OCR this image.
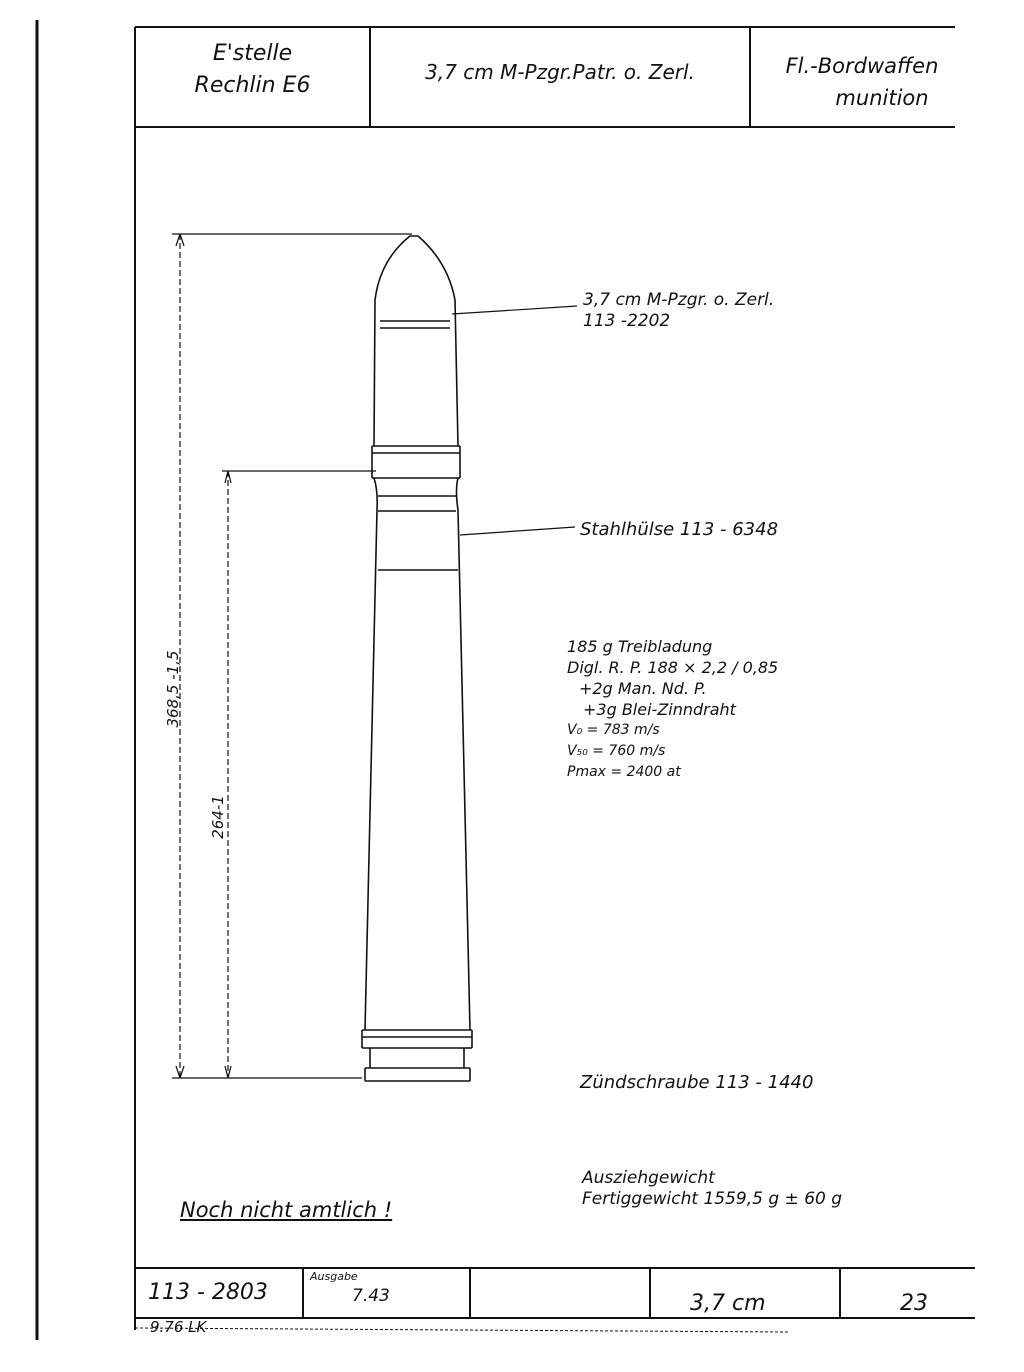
E'stelle
Rechlin E6
3,7 cm M-Pzgr.Patr. o. Zerl.	Fl.-Bordwaffen
munition
368,5 -1,5
264-1
3,7 cm M-Pzgr. o. Zerl.
113 -2202
Stahlhülse 113 - 6348
185 g Treibladung
Digl. R. P. 188 × 2,2 / 0,85
+2g Man. Nd. P.
+3g Blei-Zinndraht
V₀ = 783 m/s
V₅₀ = 760 m/s
Pmax = 2400 at
Zündschraube 113 - 1440
Ausziehgewicht
Fertiggewicht 1559,5 g ± 60 g
Noch nicht amtlich !
113 - 2803
Ausgabe
7.43	3,7 cm	23
9.76 LK
